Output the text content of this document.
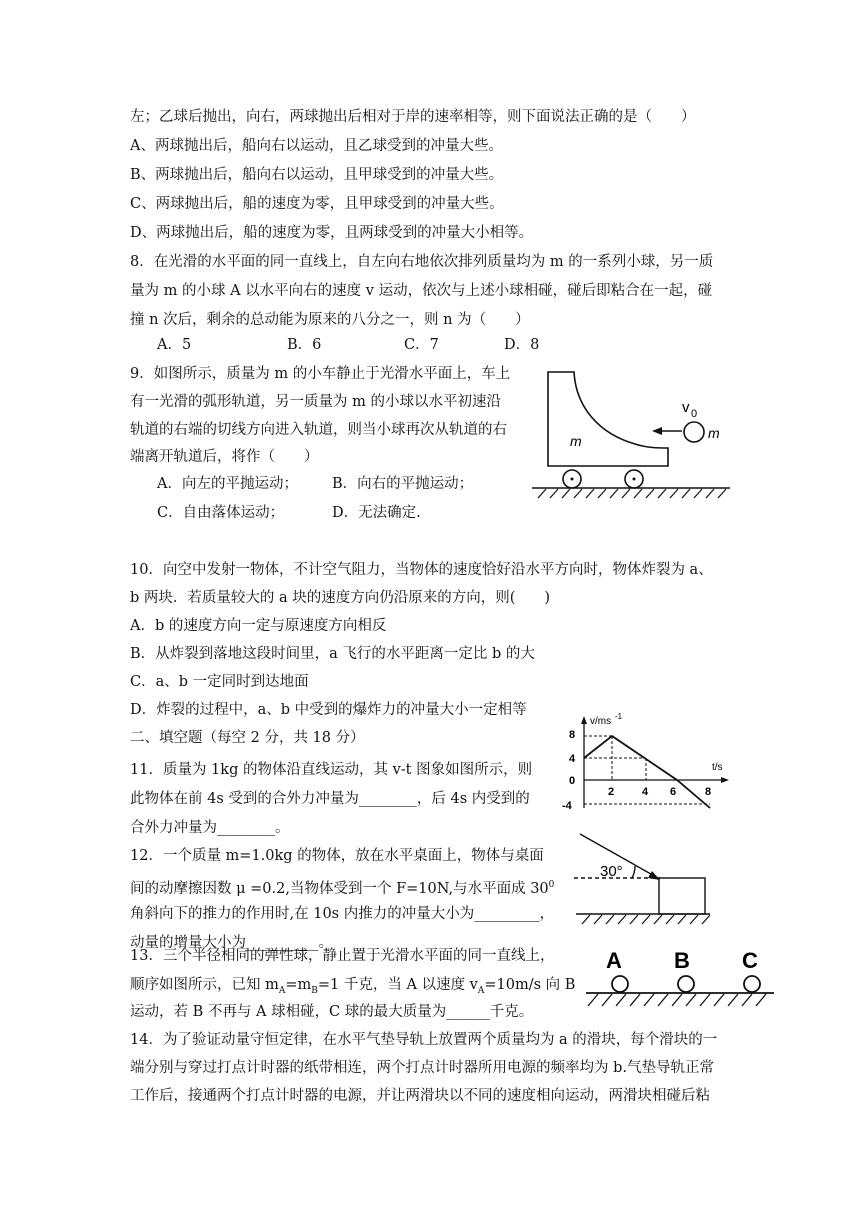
左；乙球后抛出，向右，两球抛出后相对于岸的速率相等，则下面说法正确的是（　　）
A、两球抛出后，船向右以运动，且乙球受到的冲量大些。
B、两球抛出后，船向右以运动，且甲球受到的冲量大些。
C、两球抛出后，船的速度为零，且甲球受到的冲量大些。
D、两球抛出后，船的速度为零，且两球受到的冲量大小相等。
8．在光滑的水平面的同一直线上，自左向右地依次排列质量均为 m 的一系列小球，另一质
量为 m 的小球 A 以水平向右的速度 v 运动，依次与上述小球相碰，碰后即粘合在一起，碰
撞 n 次后，剩余的总动能为原来的八分之一，则 n 为（　　）
A．5	B．6	C．7	D．8
9．如图所示，质量为 m 的小车静止于光滑水平面上，车上
有一光滑的弧形轨道，另一质量为 m 的小球以水平初速沿
轨道的右端的切线方向进入轨道，则当小球再次从轨道的右
端离开轨道后，将作（　　）
A．向左的平抛运动； B．向右的平抛运动；
C．自由落体运动；	D．无法确定.
v 0
m
m
10．向空中发射一物体，不计空气阻力，当物体的速度恰好沿水平方向时，物体炸裂为 a、
b 两块．若质量较大的 a 块的速度方向仍沿原来的方向，则(　　)
A．b 的速度方向一定与原速度方向相反
B．从炸裂到落地这段时间里，a 飞行的水平距离一定比 b 的大
C．a、b 一定同时到达地面
D．炸裂的过程中，a、b 中受到的爆炸力的冲量大小一定相等
二、填空题（每空 2 分，共 18 分）
11．质量为 1kg 的物体沿直线运动，其 v-t 图象如图所示，则
此物体在前 4s 受到的合外力冲量为________，后 4s 内受到的
合外力冲量为________。
v/ms -1
t/s
8
4
0
-4
2	4 6	8
12．一个质量 m=1.0kg 的物体，放在水平桌面上，物体与桌面
间的动摩擦因数 μ =0.2,当物体受到一个 F=10N,与水平面成 $30^0$
角斜向下的推力的作用时,在 10s 内推力的冲量大小为_________，
动量的增量大小为__________。
30°
13．三个半径相同的弹性球，静止置于光滑水平面的同一直线上，
顺序如图所示，已知 $m_A=m_B=1$ 千克，当 A 以速度 $v_A=10m/s$ 向 B
运动，若 B 不再与 A 球相碰，C 球的最大质量为______千克。
A B C
14．为了验证动量守恒定律，在水平气垫导轨上放置两个质量均为 a 的滑块，每个滑块的一
端分别与穿过打点计时器的纸带相连，两个打点计时器所用电源的频率均为 b.气垫导轨正常
工作后，接通两个打点计时器的电源，并让两滑块以不同的速度相向运动，两滑块相碰后粘
